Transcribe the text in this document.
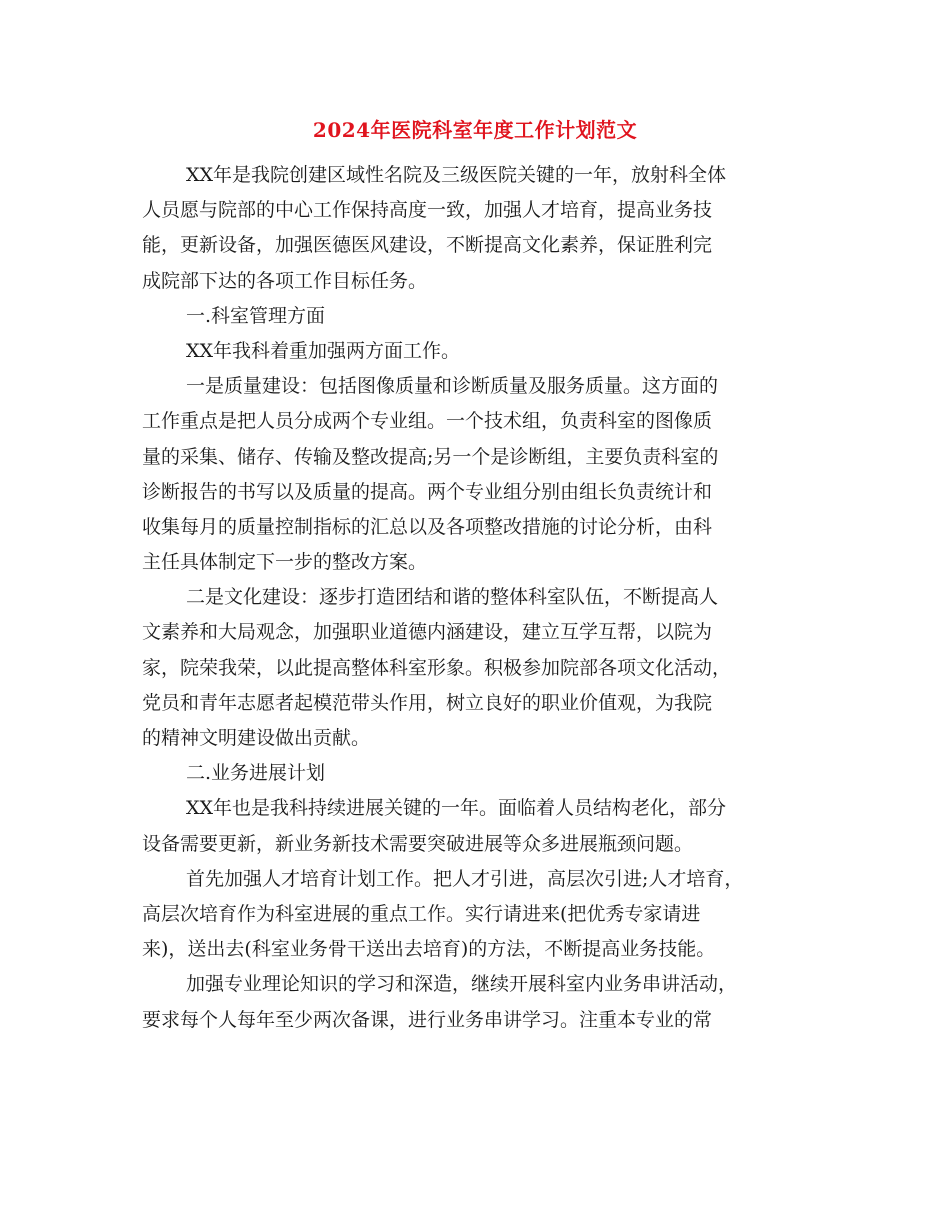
2024年医院科室年度工作计划范文
XX年是我院创建区域性名院及三级医院关键的一年，放射科全体
人员愿与院部的中心工作保持高度一致，加强人才培育，提高业务技
能，更新设备，加强医德医风建设，不断提高文化素养，保证胜利完
成院部下达的各项工作目标任务。
一.科室管理方面
XX年我科着重加强两方面工作。
一是质量建设：包括图像质量和诊断质量及服务质量。这方面的
工作重点是把人员分成两个专业组。一个技术组，负责科室的图像质
量的采集、储存、传输及整改提高;另一个是诊断组，主要负责科室的
诊断报告的书写以及质量的提高。两个专业组分别由组长负责统计和
收集每月的质量控制指标的汇总以及各项整改措施的讨论分析，由科
主任具体制定下一步的整改方案。
二是文化建设：逐步打造团结和谐的整体科室队伍，不断提高人
文素养和大局观念，加强职业道德内涵建设，建立互学互帮，以院为
家，院荣我荣，以此提高整体科室形象。积极参加院部各项文化活动，
党员和青年志愿者起模范带头作用，树立良好的职业价值观，为我院
的精神文明建设做出贡献。
二.业务进展计划
XX年也是我科持续进展关键的一年。面临着人员结构老化，部分
设备需要更新，新业务新技术需要突破进展等众多进展瓶颈问题。
首先加强人才培育计划工作。把人才引进，高层次引进;人才培育，
高层次培育作为科室进展的重点工作。实行请进来(把优秀专家请进
来)，送出去(科室业务骨干送出去培育)的方法，不断提高业务技能。
加强专业理论知识的学习和深造，继续开展科室内业务串讲活动，
要求每个人每年至少两次备课，进行业务串讲学习。注重本专业的常
